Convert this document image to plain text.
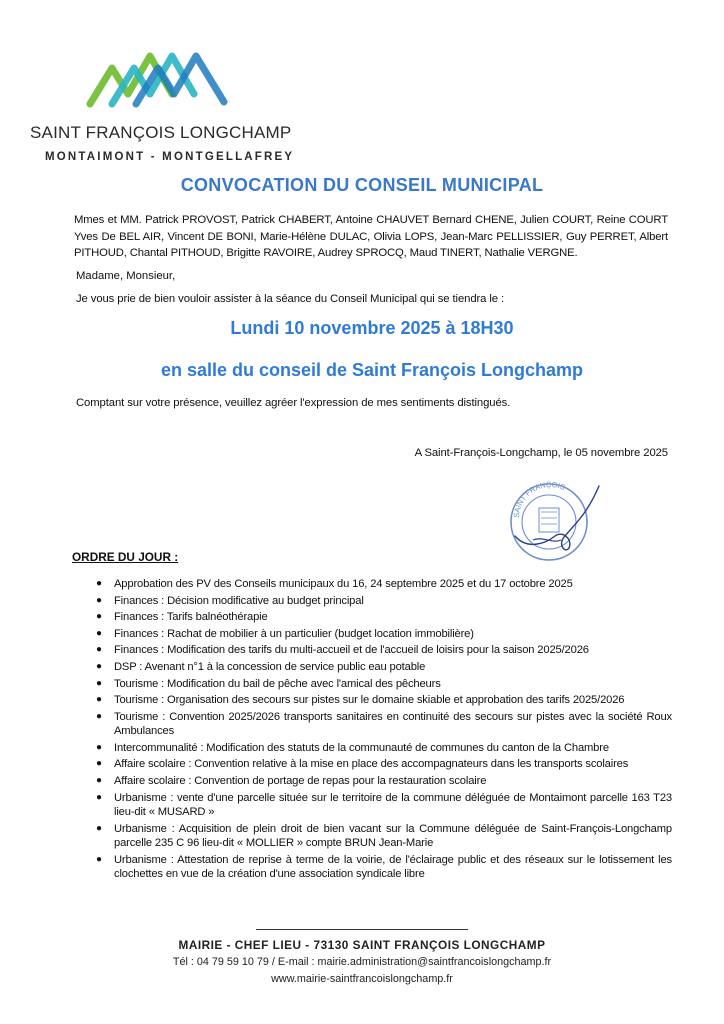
SAINT FRANÇOIS LONGCHAMP
MONTAIMONT - MONTGELLAFREY
CONVOCATION DU CONSEIL MUNICIPAL
Mmes et MM. Patrick PROVOST, Patrick CHABERT, Antoine CHAUVET Bernard CHENE, Julien COURT, Reine COURT Yves De BEL AIR, Vincent DE BONI, Marie-Hélène DULAC, Olivia LOPS, Jean-Marc PELLISSIER, Guy PERRET, Albert PITHOUD, Chantal PITHOUD, Brigitte RAVOIRE, Audrey SPROCQ, Maud TINERT, Nathalie VERGNE.
Madame, Monsieur,
Je vous prie de bien vouloir assister à la séance du Conseil Municipal qui se tiendra le :
Lundi 10 novembre 2025 à 18H30
en salle du conseil de Saint François Longchamp
Comptant sur votre présence, veuillez agréer l'expression de mes sentiments distingués.
A Saint-François-Longchamp, le 05 novembre 2025
SAINT FRANÇOIS
ORDRE DU JOUR :
● Approbation des PV des Conseils municipaux du 16, 24 septembre 2025 et du 17 octobre 2025
● Finances : Décision modificative au budget principal
● Finances : Tarifs balnéothérapie
● Finances : Rachat de mobilier à un particulier (budget location immobilière)
● Finances : Modification des tarifs du multi-accueil et de l'accueil de loisirs pour la saison 2025/2026
● DSP : Avenant n°1 à la concession de service public eau potable
● Tourisme : Modification du bail de pêche avec l'amical des pêcheurs
● Tourisme : Organisation des secours sur pistes sur le domaine skiable et approbation des tarifs 2025/2026
● Tourisme : Convention 2025/2026 transports sanitaires en continuité des secours sur pistes avec la société Roux Ambulances
● Intercommunalité : Modification des statuts de la communauté de communes du canton de la Chambre
● Affaire scolaire : Convention relative à la mise en place des accompagnateurs dans les transports scolaires
● Affaire scolaire : Convention de portage de repas pour la restauration scolaire
● Urbanisme : vente d'une parcelle située sur le territoire de la commune déléguée de Montaimont parcelle 163 T23 lieu-dit « MUSARD »
● Urbanisme : Acquisition de plein droit de bien vacant sur la Commune déléguée de Saint-François-Longchamp parcelle 235 C 96 lieu-dit « MOLLIER » compte BRUN Jean-Marie
● Urbanisme : Attestation de reprise à terme de la voirie, de l'éclairage public et des réseaux sur le lotissement les clochettes en vue de la création d'une association syndicale libre
MAIRIE - CHEF LIEU - 73130 SAINT FRANÇOIS LONGCHAMP
Tél : 04 79 59 10 79 / E-mail : mairie.administration@saintfrancoislongchamp.fr
www.mairie-saintfrancoislongchamp.fr
